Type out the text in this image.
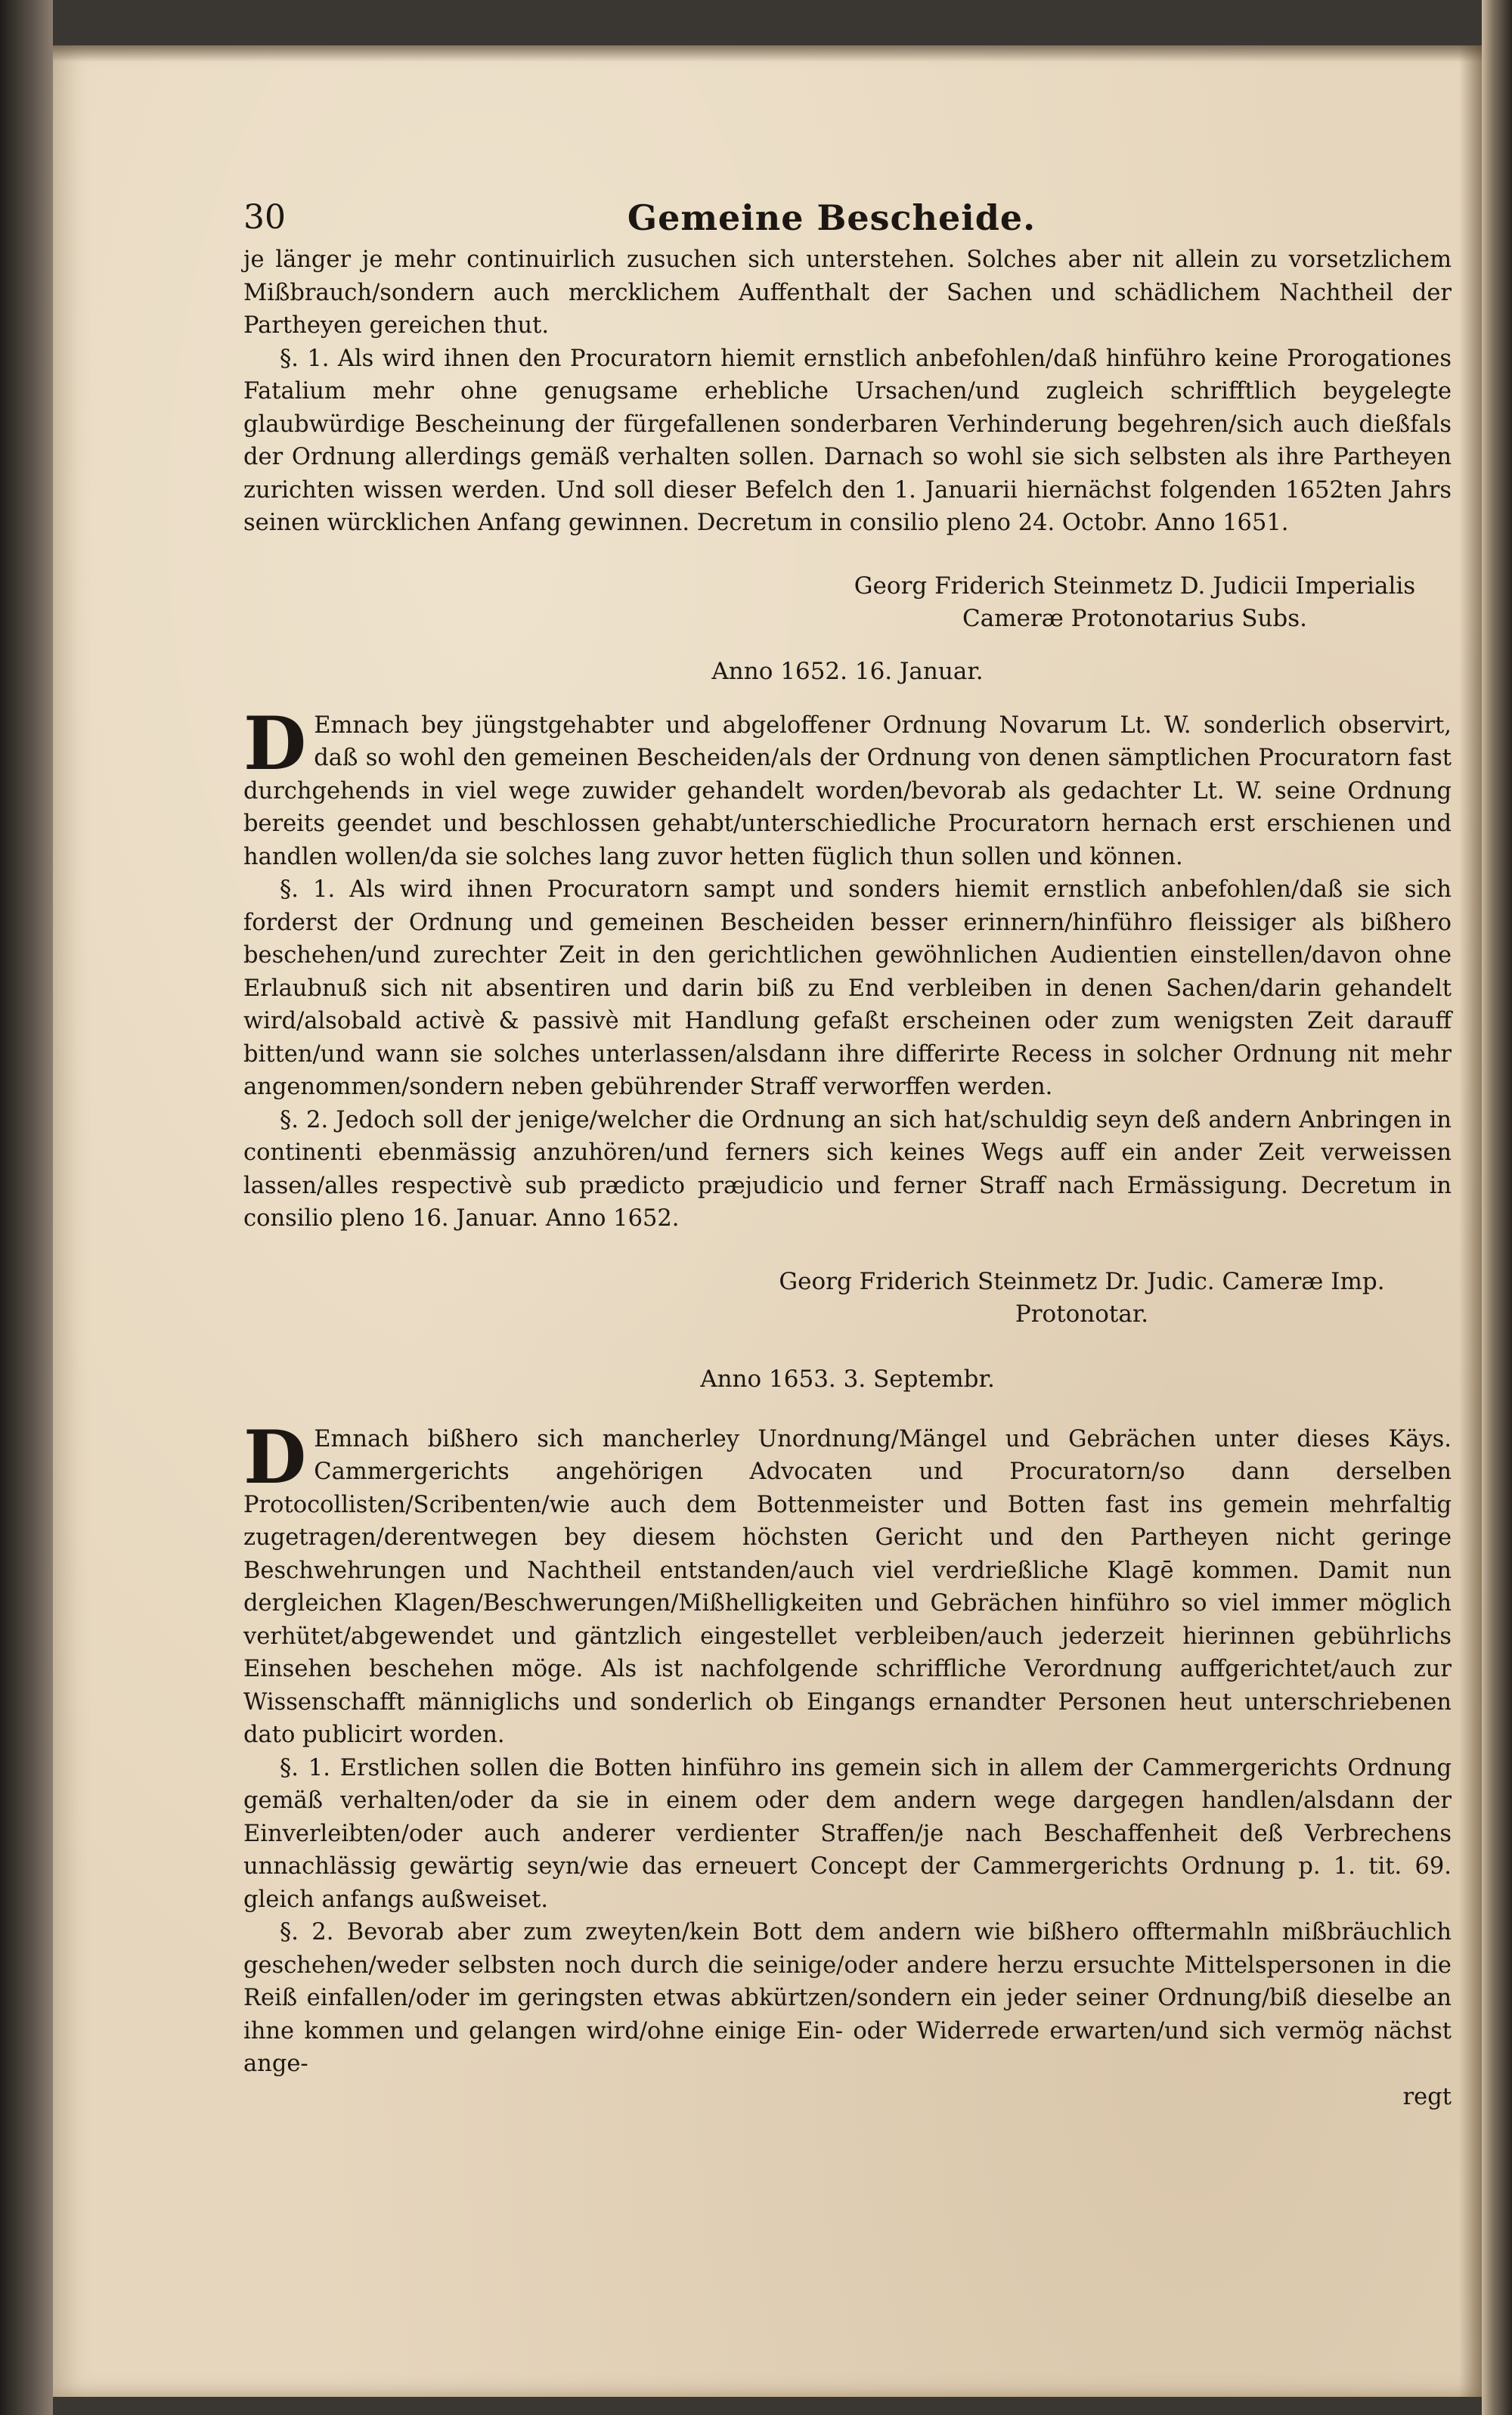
30	Gemeine Bescheide.

je länger je mehr continuirlich zusuchen sich unterstehen. Solches aber nit allein zu vorsetzlichem Mißbrauch/sondern auch mercklichem Auffenthalt der Sachen und schädlichem Nachtheil der Partheyen gereichen thut.

§. 1. Als wird ihnen den Procuratorn hiemit ernstlich anbefohlen/daß hinführo keine Prorogationes Fatalium mehr ohne genugsame erhebliche Ursachen/und zugleich schrifftlich beygelegte glaubwürdige Bescheinung der fürgefallenen sonderbaren Verhinderung begehren/sich auch dießfals der Ordnung allerdings gemäß verhalten sollen. Darnach so wohl sie sich selbsten als ihre Partheyen zurichten wissen werden. Und soll dieser Befelch den 1. Januarii hiernächst folgenden 1652ten Jahrs seinen würcklichen Anfang gewinnen. Decretum in consilio pleno 24. Octobr. Anno 1651.

Georg Friderich Steinmetz D. Judicii Imperialis
Cameræ Protonotarius Subs.
Anno 1652. 16. Januar.

D Emnach bey jüngstgehabter und abgeloffener Ordnung Novarum Lt. W. sonderlich observirt, daß so wohl den gemeinen Bescheiden/als der Ordnung von denen sämptlichen Procuratorn fast durchgehends in viel wege zuwider gehandelt worden/bevorab als gedachter Lt. W. seine Ordnung bereits geendet und beschlossen gehabt/unterschiedliche Procuratorn hernach erst erschienen und handlen wollen/da sie solches lang zuvor hetten füglich thun sollen und können.

§. 1. Als wird ihnen Procuratorn sampt und sonders hiemit ernstlich anbefohlen/daß sie sich forderst der Ordnung und gemeinen Bescheiden besser erinnern/hinführo fleissiger als bißhero beschehen/und zurechter Zeit in den gerichtlichen gewöhnlichen Audientien einstellen/davon ohne Erlaubnuß sich nit absentiren und darin biß zu End verbleiben in denen Sachen/darin gehandelt wird/alsobald activè & passivè mit Handlung gefaßt erscheinen oder zum wenigsten Zeit darauff bitten/und wann sie solches unterlassen/alsdann ihre differirte Recess in solcher Ordnung nit mehr angenommen/sondern neben gebührender Straff verworffen werden.

§. 2. Jedoch soll der jenige/welcher die Ordnung an sich hat/schuldig seyn deß andern Anbringen in continenti ebenmässig anzuhören/und ferners sich keines Wegs auff ein ander Zeit verweissen lassen/alles respectivè sub prædicto præjudicio und ferner Straff nach Ermässigung. Decretum in consilio pleno 16. Januar. Anno 1652.

Georg Friderich Steinmetz Dr. Judic. Cameræ Imp.
Protonotar.
Anno 1653. 3. Septembr.

D Emnach bißhero sich mancherley Unordnung/Mängel und Gebrächen unter dieses Käys. Cammergerichts angehörigen Advocaten und Procuratorn/so dann derselben Protocollisten/Scribenten/wie auch dem Bottenmeister und Botten fast ins gemein mehrfaltig zugetragen/derentwegen bey diesem höchsten Gericht und den Partheyen nicht geringe Beschwehrungen und Nachtheil entstanden/auch viel verdrießliche Klagē kommen. Damit nun dergleichen Klagen/Beschwerungen/Mißhelligkeiten und Gebrächen hinführo so viel immer möglich verhütet/abgewendet und gäntzlich eingestellet verbleiben/auch jederzeit hierinnen gebührlichs Einsehen beschehen möge. Als ist nachfolgende schriffliche Verordnung auffgerichtet/auch zur Wissenschafft männiglichs und sonderlich ob Eingangs ernandter Personen heut unterschriebenen dato publicirt worden.

§. 1. Erstlichen sollen die Botten hinführo ins gemein sich in allem der Cammergerichts Ordnung gemäß verhalten/oder da sie in einem oder dem andern wege dargegen handlen/alsdann der Einverleibten/oder auch anderer verdienter Straffen/je nach Beschaffenheit deß Verbrechens unnachlässig gewärtig seyn/wie das erneuert Concept der Cammergerichts Ordnung p. 1. tit. 69. gleich anfangs außweiset.

§. 2. Bevorab aber zum zweyten/kein Bott dem andern wie bißhero offtermahln mißbräuchlich geschehen/weder selbsten noch durch die seinige/oder andere herzu ersuchte Mittelspersonen in die Reiß einfallen/oder im geringsten etwas abkürtzen/sondern ein jeder seiner Ordnung/biß dieselbe an ihne kommen und gelangen wird/ohne einige Ein- oder Widerrede erwarten/und sich vermög nächst ange-

regt
